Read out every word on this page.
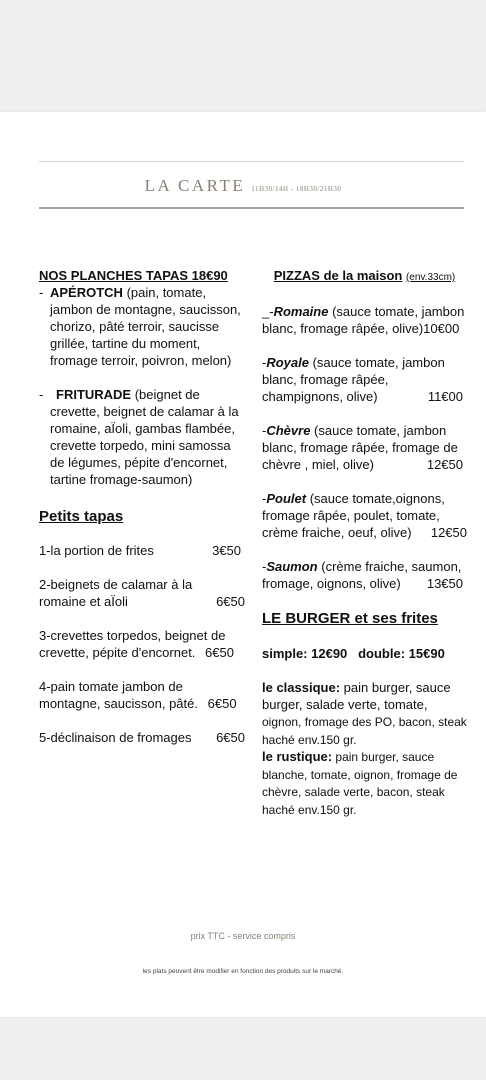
LA CARTE 11H30/14H - 18H30/21H30
NOS PLANCHES TAPAS 18€90
- APÉROTCH (pain, tomate, jambon de montagne, saucisson, chorizo, pâté terroir, saucisse grillée, tartine du moment, fromage terroir, poivron, melon)
- FRITURADE (beignet de crevette, beignet de calamar à la romaine, aÏoli, gambas flambée, crevette torpedo, mini samossa de légumes, pépite d'encornet, tartine fromage-saumon)
Petits tapas
1-la portion de frites	3€50
2-beignets de calamar à la romaine et aÏoli	6€50
3-crevettes torpedos, beignet de crevette, pépite d'encornet. 6€50
4-pain tomate jambon de montagne, saucisson, pâté. 6€50
5-déclinaison de fromages 6€50
PIZZAS de la maison (env.33cm)
_-Romaine (sauce tomate, jambon blanc, fromage râpée, olive)10€00
-Royale (sauce tomate, jambon blanc, fromage râpée, champignons, olive)	11€00
-Chèvre (sauce tomate, jambon blanc, fromage râpée, fromage de chèvre , miel, olive)	12€50
-Poulet (sauce tomate,oignons, fromage râpée, poulet, tomate, crème fraiche, oeuf, olive) 12€50
-Saumon (crème fraiche, saumon, fromage, oignons, olive) 13€50
LE BURGER et ses frites
simple: 12€90   double: 15€90
le classique: pain burger, sauce burger, salade verte, tomate, oignon, fromage des PO, bacon, steak haché env.150 gr.
le rustique: pain burger, sauce blanche, tomate, oignon, fromage de chèvre, salade verte, bacon, steak haché env.150 gr.
prix TTC - service compris
les plats peuvent être modifier en fonction des produits sur le marché.
